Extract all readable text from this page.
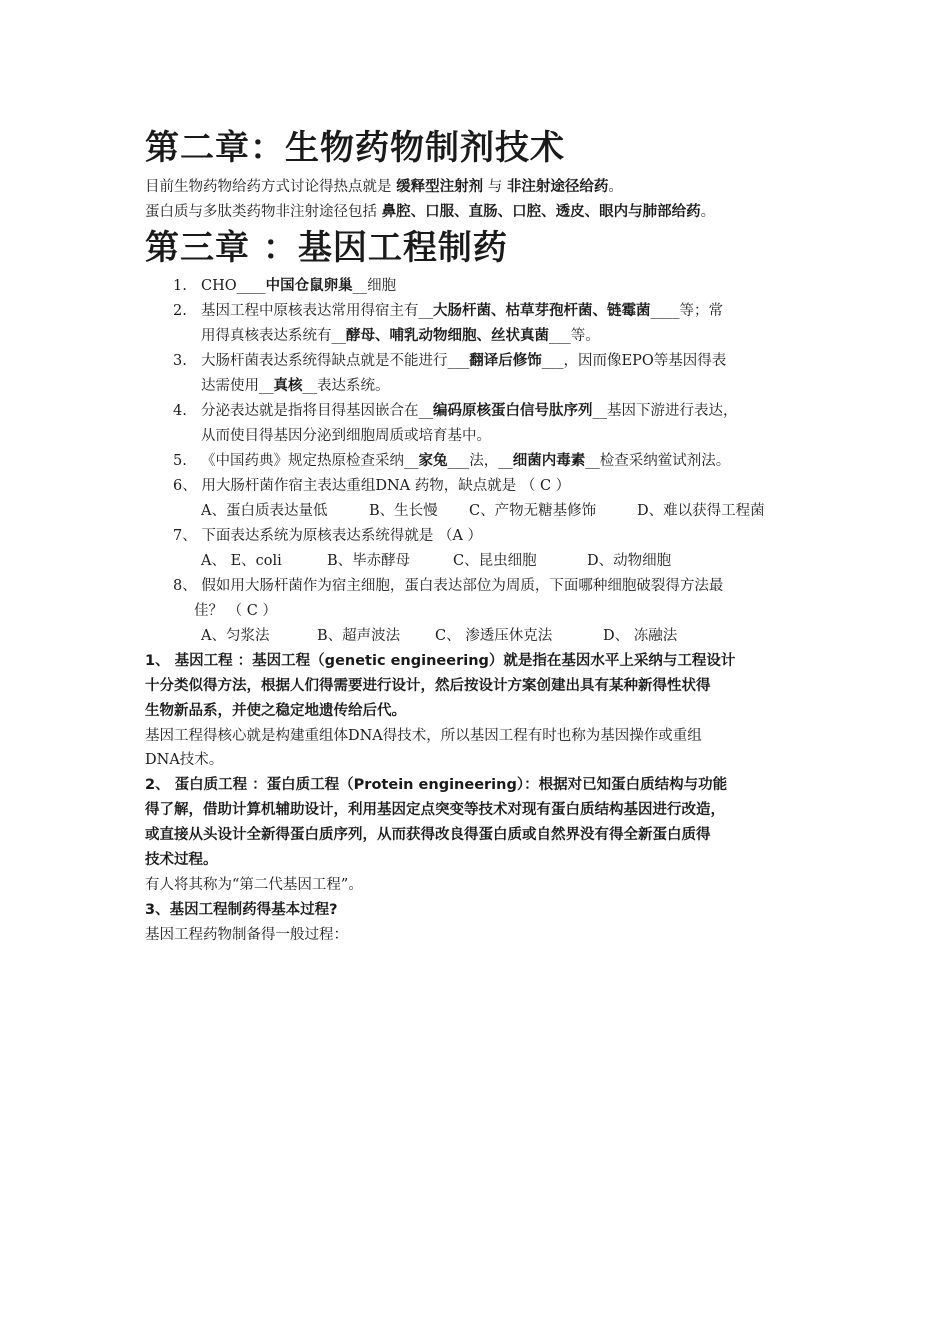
第二章：生物药物制剂技术
目前生物药物给药方式讨论得热点就是 缓释型注射剂 与 非注射途径给药。
蛋白质与多肽类药物非注射途径包括 鼻腔、口服、直肠、口腔、透皮、眼内与肺部给药。
第三章 ：基因工程制药
1. CHO____中国仓鼠卵巢__细胞
2. 基因工程中原核表达常用得宿主有__大肠杆菌、枯草芽孢杆菌、链霉菌____等；常
用得真核表达系统有__酵母、哺乳动物细胞、丝状真菌___等。
3. 大肠杆菌表达系统得缺点就是不能进行___翻译后修饰___，因而像EPO等基因得表
达需使用__真核__表达系统。
4. 分泌表达就是指将目得基因嵌合在__编码原核蛋白信号肽序列__基因下游进行表达，
从而使目得基因分泌到细胞周质或培育基中。
5. 《中国药典》规定热原检查采纳__家兔___法，__细菌内毒素__检查采纳鲎试剂法。
6、 用大肠杆菌作宿主表达重组DNA 药物，缺点就是 （ C ）
A、蛋白质表达量低	B、生长慢 C、产物无糖基修饰	D、难以获得工程菌
7、 下面表达系统为原核表达系统得就是 （A ）
A、 E、coli	B、毕赤酵母	C、昆虫细胞	D、动物细胞
8、 假如用大肠杆菌作为宿主细胞，蛋白表达部位为周质，下面哪种细胞破裂得方法最
佳？ （ C ）
A、匀浆法	B、超声波法 C、 渗透压休克法	D、 冻融法
1、 基因工程 ：基因工程（genetic engineering）就是指在基因水平上采纳与工程设计
十分类似得方法，根据人们得需要进行设计，然后按设计方案创建出具有某种新得性状得
生物新品系，并使之稳定地遗传给后代。
基因工程得核心就是构建重组体DNA得技术，所以基因工程有时也称为基因操作或重组
DNA技术。
2、 蛋白质工程 ：蛋白质工程（Protein engineering）：根据对已知蛋白质结构与功能
得了解，借助计算机辅助设计，利用基因定点突变等技术对现有蛋白质结构基因进行改造，
或直接从头设计全新得蛋白质序列，从而获得改良得蛋白质或自然界没有得全新蛋白质得
技术过程。
有人将其称为“第二代基因工程”。
3、基因工程制药得基本过程?
基因工程药物制备得一般过程：
